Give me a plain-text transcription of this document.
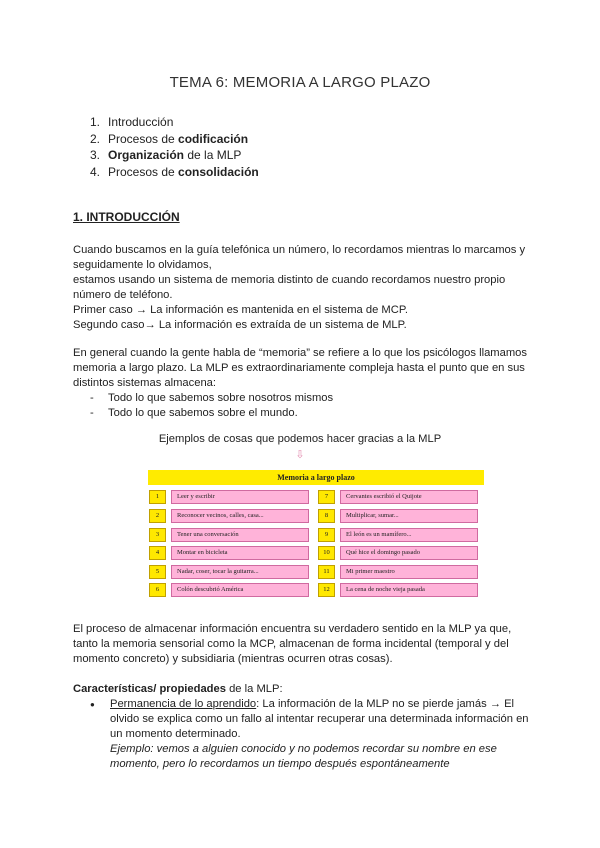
TEMA 6: MEMORIA A LARGO PLAZO
1. Introducción
2. Procesos de
codificación
3. Organización de la MLP
4. Procesos de
consolidación
1. INTRODUCCIÓN
Cuando buscamos en la guía telefónica un número, lo recordamos mientras lo marcamos y
seguidamente lo olvidamos,
estamos usando un sistema de memoria distinto de cuando recordamos nuestro propio
número de teléfono.
Primer caso → La información es mantenida en el sistema de MCP.
Segundo caso→ La información es extraída de un sistema de MLP.
En general cuando la gente habla de “memoria” se refiere a lo que los psicólogos llamamos
memoria a largo plazo. La MLP es extraordinariamente compleja hasta el punto que en sus
distintos sistemas almacena:
-	Todo lo que sabemos sobre nosotros mismos
-	Todo lo que sabemos sobre el mundo.
Ejemplos de cosas que podemos hacer gracias a la MLP
⇩
Memoria a largo plazo
1	Leer y escribir
2	Reconocer vecinos, calles, casa...
3	Tener una conversación
4	Montar en bicicleta
5	Nadar, coser, tocar la guitarra...
6	Colón descubrió América
7	Cervantes escribió el Quijote
8	Multiplicar, sumar...
9	El león es un mamífero...
10	Qué hice el domingo pasado
11	Mi primer maestro
12	La cena de noche vieja pasada
El proceso de almacenar información encuentra su verdadero sentido en la MLP ya que,
tanto la memoria sensorial como la MCP, almacenan de forma incidental (temporal y del
momento concreto) y subsidiaria (mientras ocurren otras cosas).
Características/ propiedades de la MLP:
●	Permanencia de lo aprendido: La información de la MLP no se pierde jamás → El
olvido se explica como un fallo al intentar recuperar una determinada información en
un momento determinado.
Ejemplo: vemos a alguien conocido y no podemos recordar su nombre en ese
momento, pero lo recordamos un tiempo después espontáneamente
